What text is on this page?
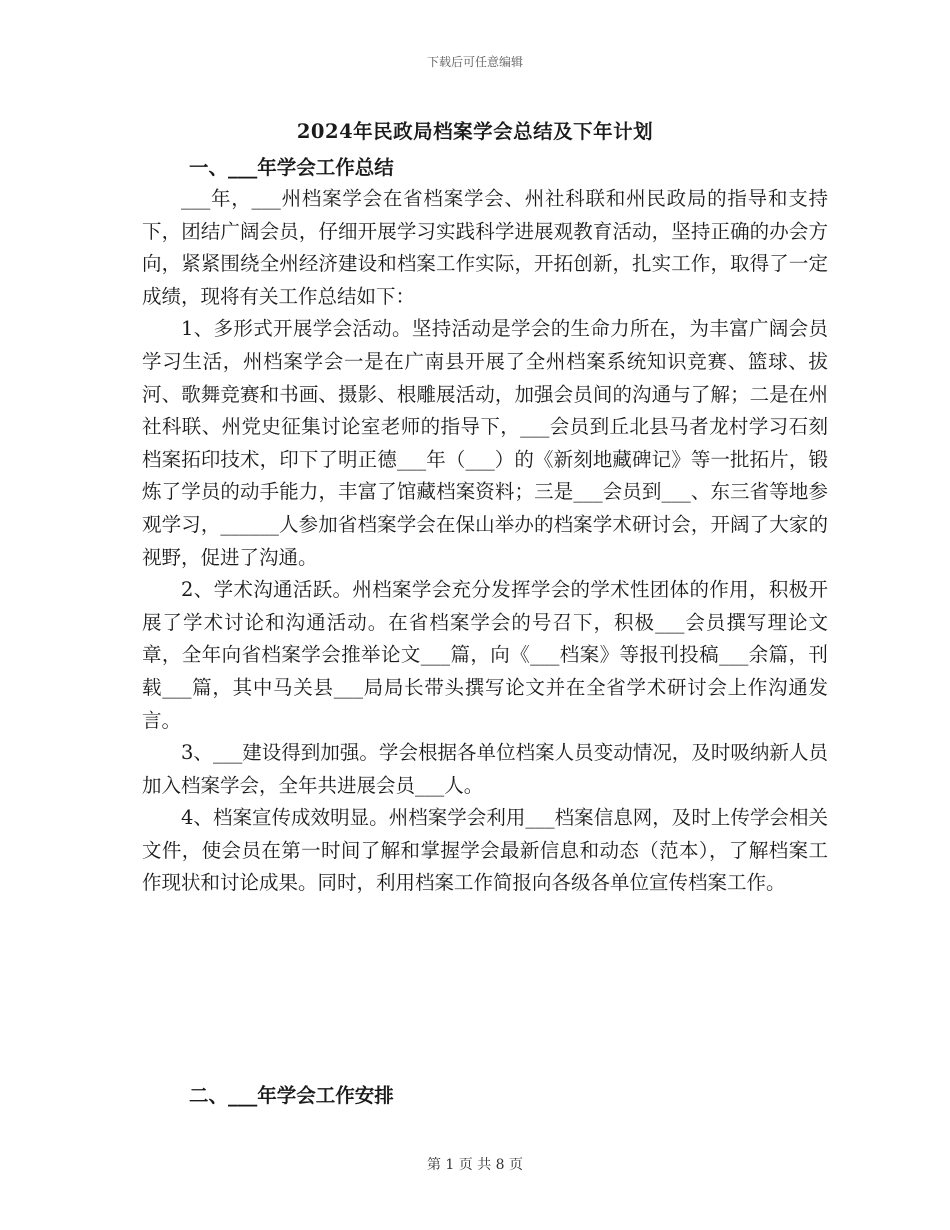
下载后可任意编辑
2024年民政局档案学会总结及下年计划
一、___年学会工作总结

___年，___州档案学会在省档案学会、州社科联和州民政局的指导和支持下，团结广阔会员，仔细开展学习实践科学进展观教育活动，坚持正确的办会方向，紧紧围绕全州经济建设和档案工作实际，开拓创新，扎实工作，取得了一定成绩，现将有关工作总结如下：

1、多形式开展学会活动。坚持活动是学会的生命力所在，为丰富广阔会员学习生活，州档案学会一是在广南县开展了全州档案系统知识竞赛、篮球、拔河、歌舞竞赛和书画、摄影、根雕展活动，加强会员间的沟通与了解；二是在州社科联、州党史征集讨论室老师的指导下，___会员到丘北县马者龙村学习石刻档案拓印技术，印下了明正德___年（___）的《新刻地藏碑记》等一批拓片，锻炼了学员的动手能力，丰富了馆藏档案资料；三是___会员到___、东三省等地参观学习，______人参加省档案学会在保山举办的档案学术研讨会，开阔了大家的视野，促进了沟通。

2、学术沟通活跃。州档案学会充分发挥学会的学术性团体的作用，积极开展了学术讨论和沟通活动。在省档案学会的号召下，积极___会员撰写理论文章，全年向省档案学会推举论文___篇，向《___档案》等报刊投稿___余篇，刊载___篇，其中马关县___局局长带头撰写论文并在全省学术研讨会上作沟通发言。

3、___建设得到加强。学会根据各单位档案人员变动情况，及时吸纳新人员加入档案学会，全年共进展会员___人。

4、档案宣传成效明显。州档案学会利用___档案信息网，及时上传学会相关文件，使会员在第一时间了解和掌握学会最新信息和动态（范本），了解档案工作现状和讨论成果。同时，利用档案工作简报向各级各单位宣传档案工作。

二、___年学会工作安排
第 1 页 共 8 页
